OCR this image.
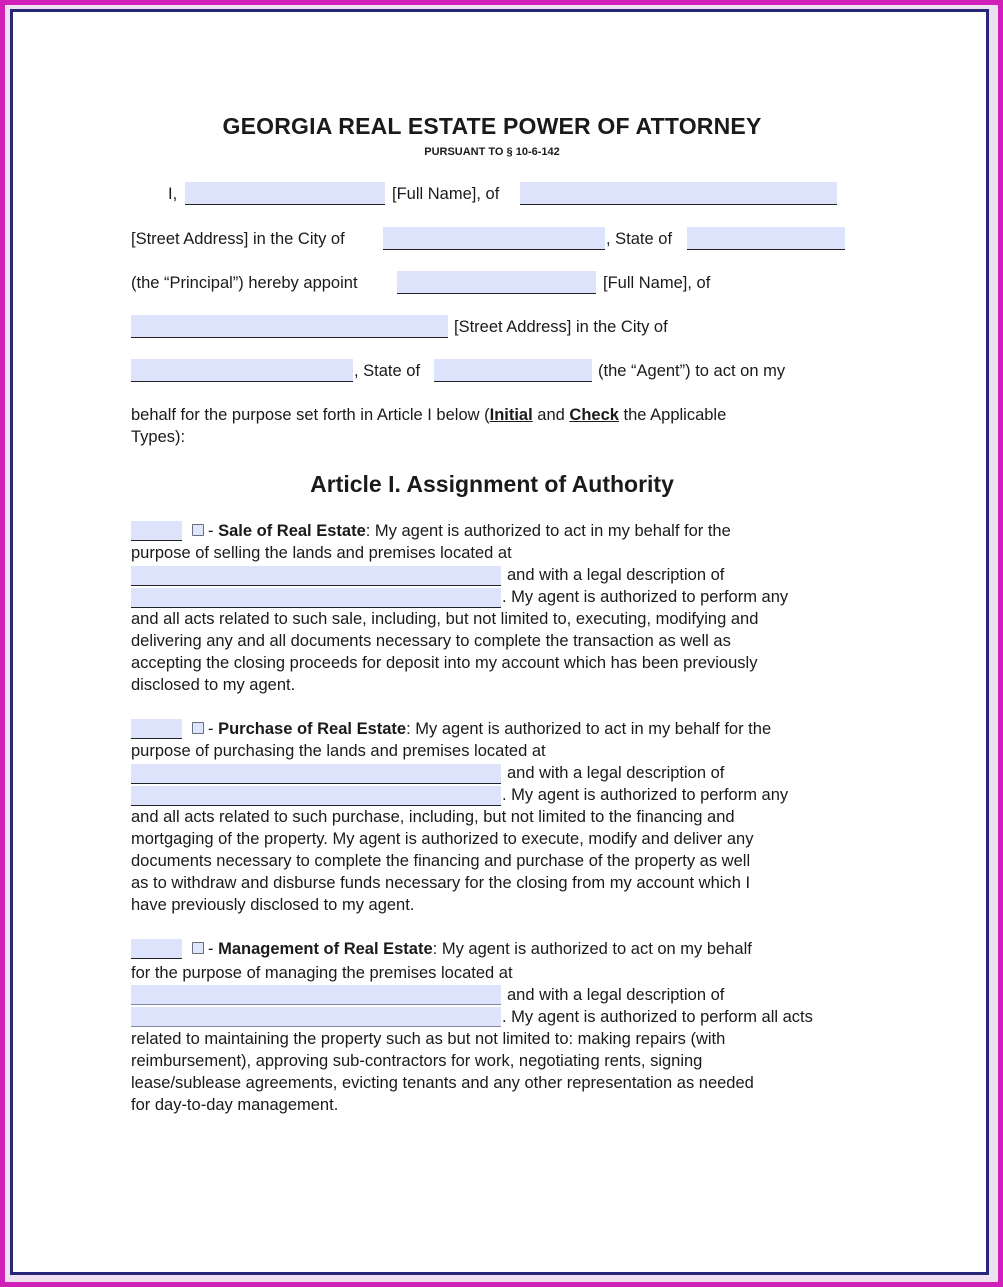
GEORGIA REAL ESTATE POWER OF ATTORNEY
PURSUANT TO § 10-6-142
I,	[Full Name], of
[Street Address] in the City of	, State of
(the “Principal”) hereby appoint	[Full Name], of
[Street Address] in the City of
, State of	(the “Agent”) to act on my
behalf for the purpose set forth in Article I below (Initial and Check the Applicable
Types):
Article I. Assignment of Authority
- Sale of Real Estate: My agent is authorized to act in my behalf for the
purpose of selling the lands and premises located at
and with a legal description of
. My agent is authorized to perform any
and all acts related to such sale, including, but not limited to, executing, modifying and
delivering any and all documents necessary to complete the transaction as well as
accepting the closing proceeds for deposit into my account which has been previously
disclosed to my agent.
- Purchase of Real Estate: My agent is authorized to act in my behalf for the
purpose of purchasing the lands and premises located at
and with a legal description of
. My agent is authorized to perform any
and all acts related to such purchase, including, but not limited to the financing and
mortgaging of the property. My agent is authorized to execute, modify and deliver any
documents necessary to complete the financing and purchase of the property as well
as to withdraw and disburse funds necessary for the closing from my account which I
have previously disclosed to my agent.
- Management of Real Estate: My agent is authorized to act on my behalf
for the purpose of managing the premises located at
and with a legal description of
. My agent is authorized to perform all acts
related to maintaining the property such as but not limited to: making repairs (with
reimbursement), approving sub-contractors for work, negotiating rents, signing
lease/sublease agreements, evicting tenants and any other representation as needed
for day-to-day management.
